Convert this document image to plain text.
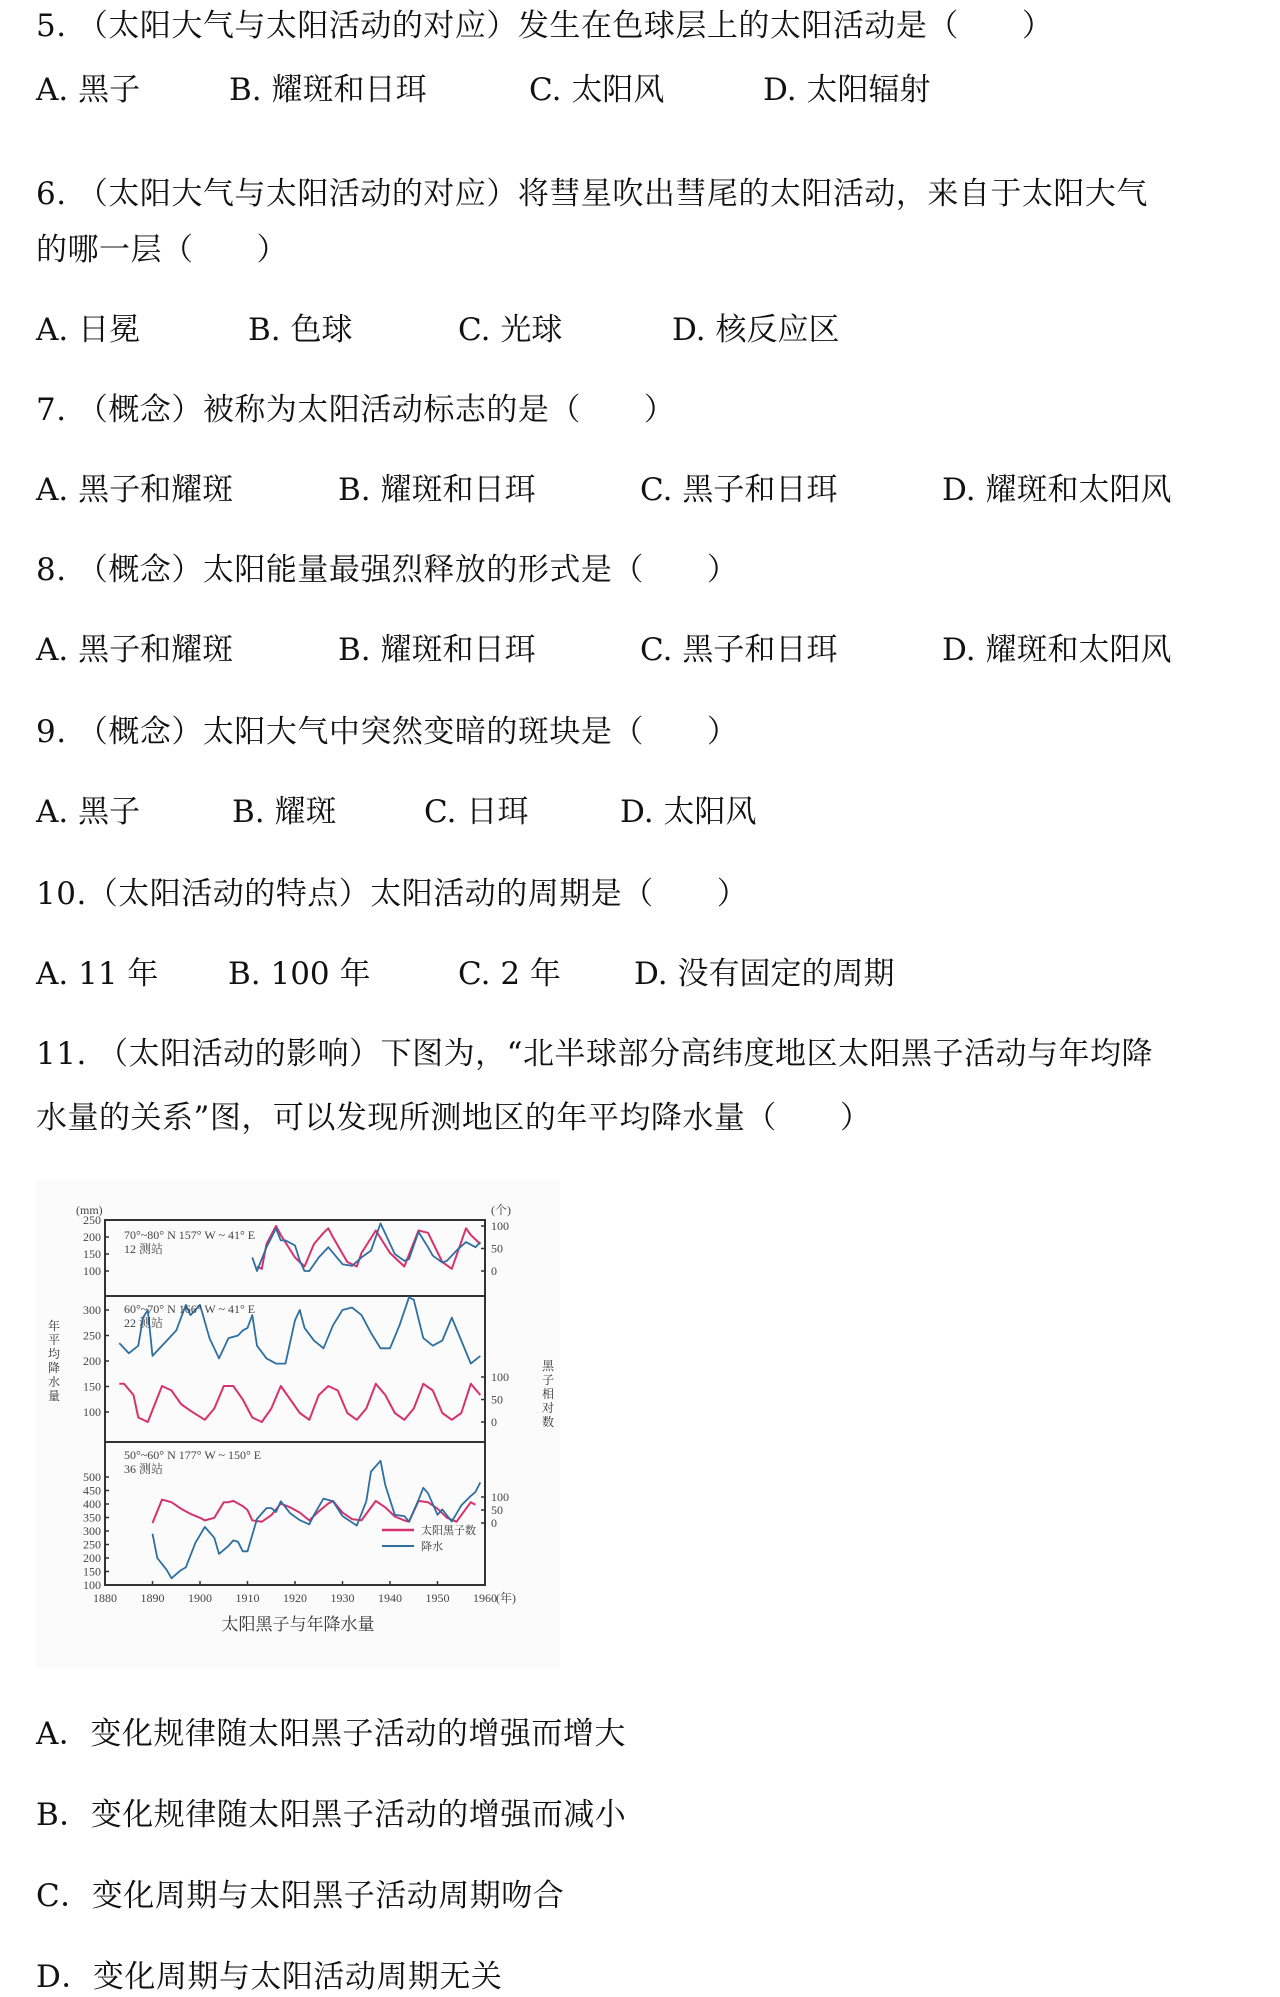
5. （太阳大气与太阳活动的对应）发生在色球层上的太阳活动是（　　）
A. 黑子	B. 耀斑和日珥	C. 太阳风	D. 太阳辐射
6. （太阳大气与太阳活动的对应）将彗星吹出彗尾的太阳活动，来自于太阳大气
的哪一层（　　）
A. 日冕	B. 色球	C. 光球	D. 核反应区
7. （概念）被称为太阳活动标志的是（　　）
A. 黑子和耀斑	B. 耀斑和日珥	C. 黑子和日珥	D. 耀斑和太阳风
8. （概念）太阳能量最强烈释放的形式是（　　）
A. 黑子和耀斑	B. 耀斑和日珥	C. 黑子和日珥	D. 耀斑和太阳风
9. （概念）太阳大气中突然变暗的斑块是（　　）
A. 黑子	B. 耀斑	C. 日珥	D. 太阳风
10.（太阳活动的特点）太阳活动的周期是（　　）
A. 11 年 B. 100 年	C. 2 年 D. 没有固定的周期
11. （太阳活动的影响）下图为，“北半球部分高纬度地区太阳黑子活动与年均降
水量的关系”图，可以发现所测地区的年平均降水量（　　）
100
150
200
250
0
50
100
100
150
200
250
300
0
50
100
100
150
200
250
300
350
400
450
500
0
50
100
1880 1890 1900 1910 1920 1930 1940 1950 1960
(mm)	(个)
70°~80° N 157° W ~ 41° E
12 测站
60°~70° N 166° W ~ 41° E
22 测站
50°~60° N 177° W ~ 150° E
36 测站
年平均降水量
黑子相对数
太阳黑子数
降水
(年)
太阳黑子与年降水量
A．变化规律随太阳黑子活动的增强而增大
B．变化规律随太阳黑子活动的增强而减小
C．变化周期与太阳黑子活动周期吻合
D．变化周期与太阳活动周期无关
